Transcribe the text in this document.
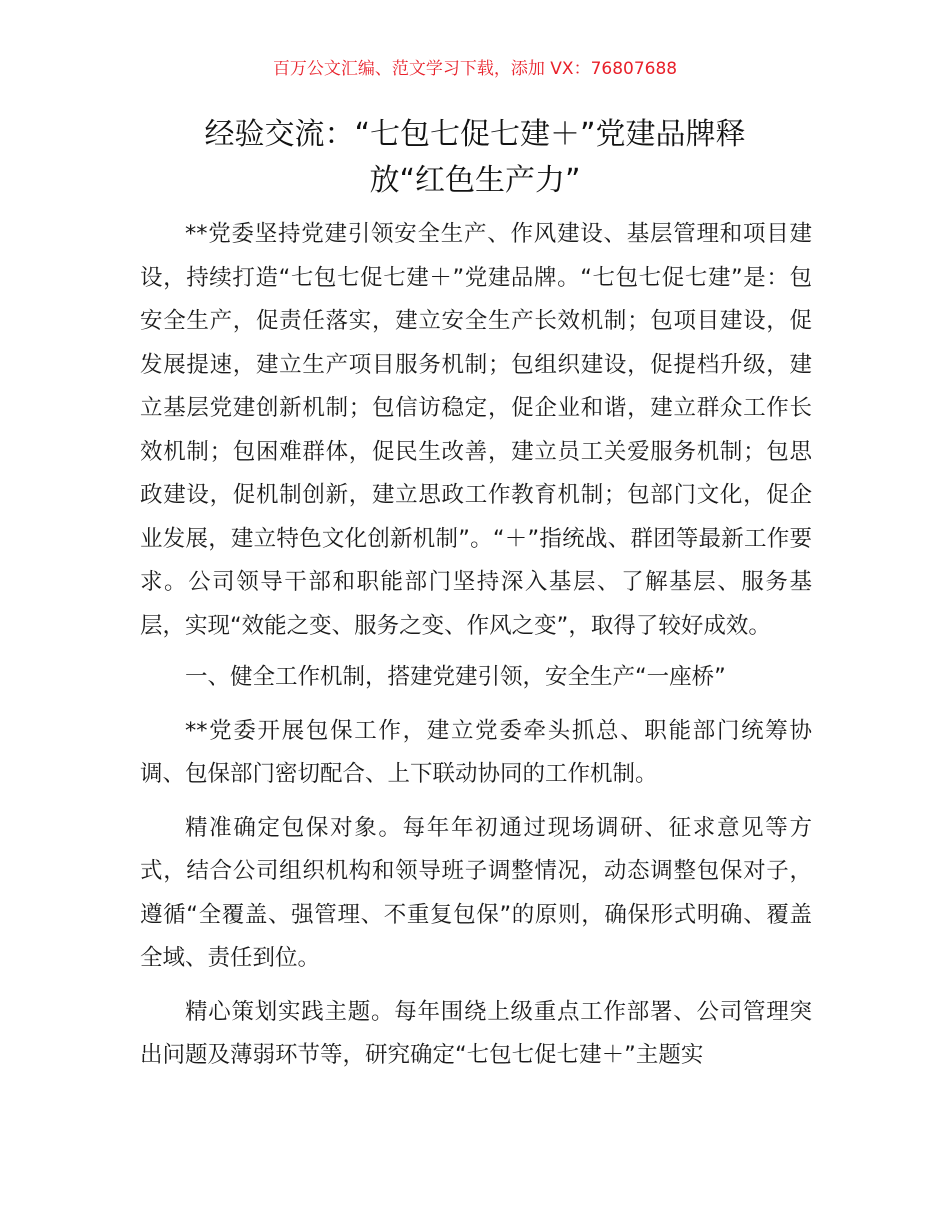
百万公文汇编、范文学习下载，添加 VX：76807688
经验交流：“七包七促七建＋”党建品牌释
放“红色生产力”

**党委坚持党建引领安全生产、作风建设、基层管理和项目建设，持续打造“七包七促七建＋”党建品牌。“七包七促七建”是：包安全生产，促责任落实，建立安全生产长效机制；包项目建设，促发展提速，建立生产项目服务机制；包组织建设，促提档升级，建立基层党建创新机制；包信访稳定，促企业和谐，建立群众工作长效机制；包困难群体，促民生改善，建立员工关爱服务机制；包思政建设，促机制创新，建立思政工作教育机制；包部门文化，促企业发展，建立特色文化创新机制”。“＋”指统战、群团等最新工作要求。公司领导干部和职能部门坚持深入基层、了解基层、服务基层，实现“效能之变、服务之变、作风之变”，取得了较好成效。

一、健全工作机制，搭建党建引领，安全生产“一座桥”

**党委开展包保工作，建立党委牵头抓总、职能部门统筹协调、包保部门密切配合、上下联动协同的工作机制。

精准确定包保对象。每年年初通过现场调研、征求意见等方式，结合公司组织机构和领导班子调整情况，动态调整包保对子，遵循“全覆盖、强管理、不重复包保”的原则，确保形式明确、覆盖全域、责任到位。

精心策划实践主题。每年围绕上级重点工作部署、公司管理突出问题及薄弱环节等，研究确定“七包七促七建＋”主题实
